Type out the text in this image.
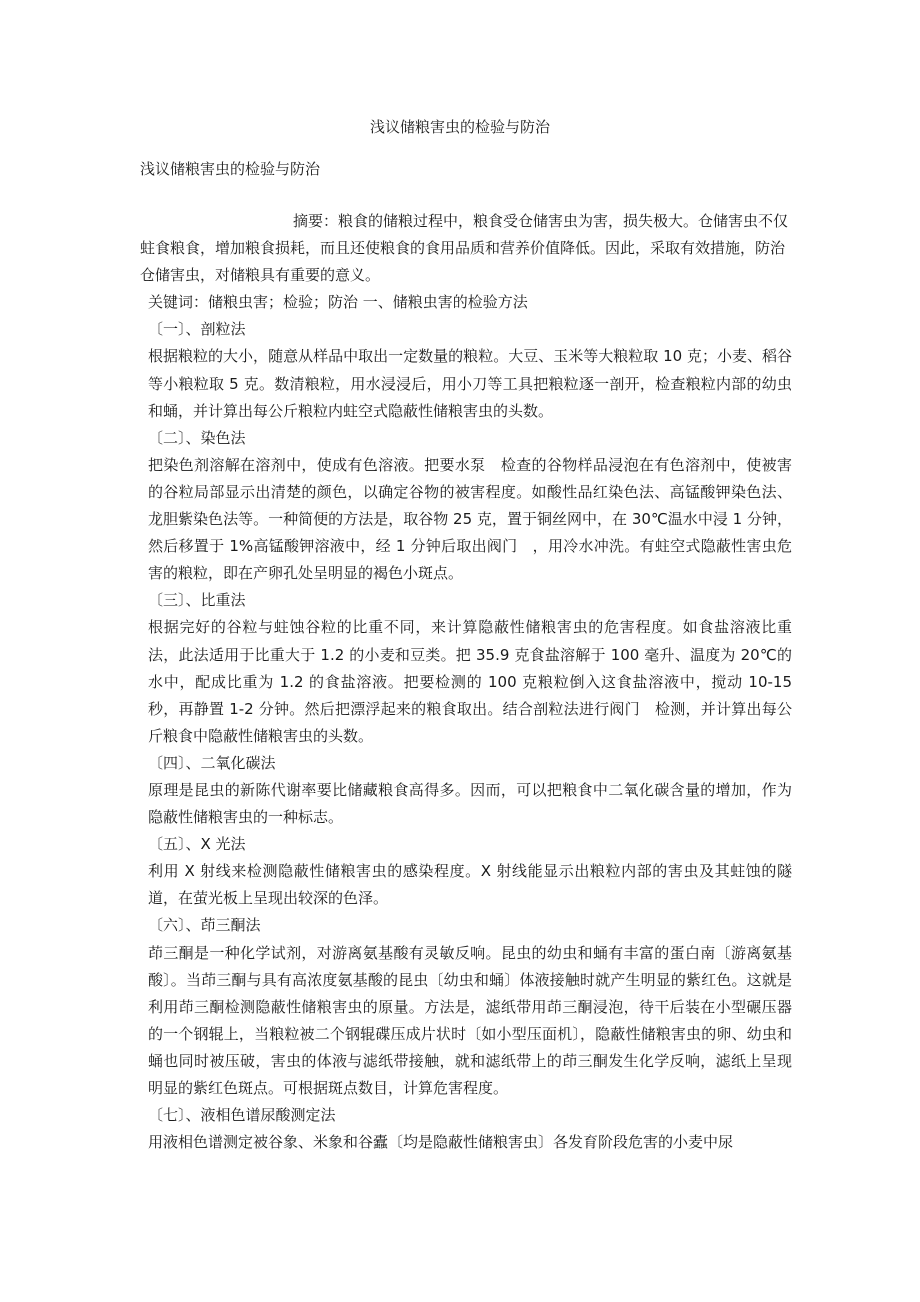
浅议储粮害虫的检验与防治

浅议储粮害虫的检验与防治

摘要：粮食的储粮过程中，粮食受仓储害虫为害，损失极大。仓储害虫不仅蛀食粮食，增加粮食损耗，而且还使粮食的食用品质和营养价值降低。因此，采取有效措施，防治仓储害虫，对储粮具有重要的意义。

关键词：储粮虫害；检验；防治 一、储粮虫害的检验方法

〔一〕、剖粒法

根据粮粒的大小，随意从样品中取出一定数量的粮粒。大豆、玉米等大粮粒取 10 克；小麦、稻谷等小粮粒取 5 克。数清粮粒，用水浸浸后，用小刀等工具把粮粒逐一剖开，检查粮粒内部的幼虫和蛹，并计算出每公斤粮粒内蛀空式隐蔽性储粮害虫的头数。

〔二〕、染色法

把染色剂溶解在溶剂中，使成有色溶液。把要水泵　检查的谷物样品浸泡在有色溶剂中，使被害的谷粒局部显示出清楚的颜色，以确定谷物的被害程度。如酸性品红染色法、高锰酸钾染色法、龙胆紫染色法等。一种简便的方法是，取谷物 25 克，置于铜丝网中，在 30℃温水中浸 1 分钟，然后移置于 1%高锰酸钾溶液中，经 1 分钟后取出阀门　，用冷水冲洗。有蛀空式隐蔽性害虫危害的粮粒，即在产卵孔处呈明显的褐色小斑点。

〔三〕、比重法

根据完好的谷粒与蛀蚀谷粒的比重不同，来计算隐蔽性储粮害虫的危害程度。如食盐溶液比重法，此法适用于比重大于 1.2 的小麦和豆类。把 35.9 克食盐溶解于 100 毫升、温度为 20℃的水中，配成比重为 1.2 的食盐溶液。把要检测的 100 克粮粒倒入这食盐溶液中，搅动 10-15 秒，再静置 1-2 分钟。然后把漂浮起来的粮食取出。结合剖粒法进行阀门　检测，并计算出每公斤粮食中隐蔽性储粮害虫的头数。

〔四〕、二氧化碳法

原理是昆虫的新陈代谢率要比储藏粮食高得多。因而，可以把粮食中二氧化碳含量的增加，作为隐蔽性储粮害虫的一种标志。

〔五〕、X 光法

利用 X 射线来检测隐蔽性储粮害虫的感染程度。X 射线能显示出粮粒内部的害虫及其蛀蚀的隧道，在萤光板上呈现出较深的色泽。

〔六〕、茚三酮法

茚三酮是一种化学试剂，对游离氨基酸有灵敏反响。昆虫的幼虫和蛹有丰富的蛋白南〔游离氨基酸〕。当茚三酮与具有高浓度氨基酸的昆虫〔幼虫和蛹〕体液接触时就产生明显的紫红色。这就是利用茚三酮检测隐蔽性储粮害虫的原量。方法是，滤纸带用茚三酮浸泡，待干后装在小型碾压器的一个钢辊上，当粮粒被二个钢辊碟压成片状时〔如小型压面机〕，隐蔽性储粮害虫的卵、幼虫和蛹也同时被压破，害虫的体液与滤纸带接触，就和滤纸带上的茚三酮发生化学反响，滤纸上呈现明显的紫红色斑点。可根据斑点数目，计算危害程度。

〔七〕、液相色谱尿酸测定法

用液相色谱测定被谷象、米象和谷蠹〔均是隐蔽性储粮害虫〕各发育阶段危害的小麦中尿
